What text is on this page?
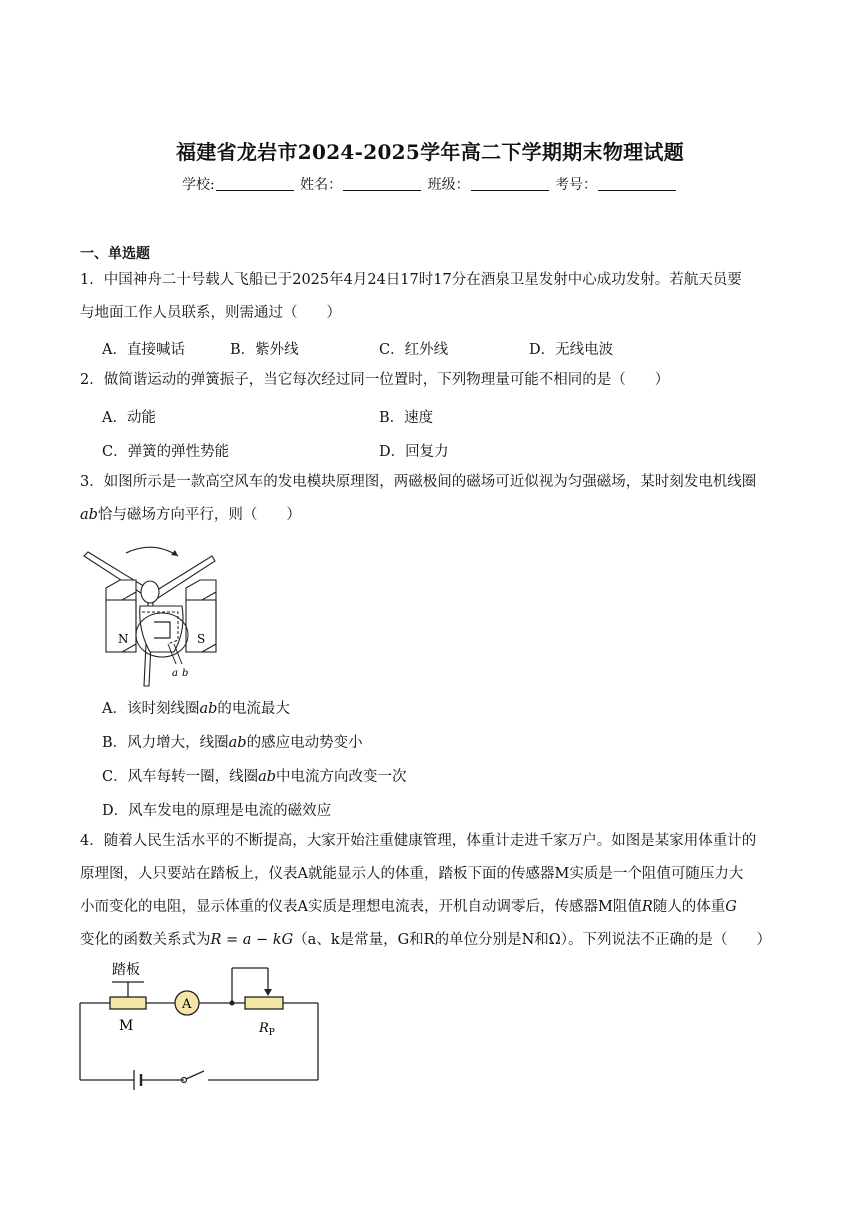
福建省龙岩市2024-2025学年高二下学期期末物理试题
学校:	姓名：	班级：	考号：
一、单选题
1．中国神舟二十号载人飞船已于2025年4月24日17时17分在酒泉卫星发射中心成功发射。若航天员要
与地面工作人员联系，则需通过（　　）
A．直接喊话	B．紫外线	C．红外线	D．无线电波
2．做简谐运动的弹簧振子，当它每次经过同一位置时，下列物理量可能不相同的是（　　）
A．动能	B．速度
C．弹簧的弹性势能	D．回复力
3．如图所示是一款高空风车的发电模块原理图，两磁极间的磁场可近似视为匀强磁场，某时刻发电机线圈
ab恰与磁场方向平行，则（　　）
N	S
a b
A．该时刻线圈ab的电流最大
B．风力增大，线圈ab的感应电动势变小
C．风车每转一圈，线圈ab中电流方向改变一次
D．风车发电的原理是电流的磁效应
4．随着人民生活水平的不断提高，大家开始注重健康管理，体重计走进千家万户。如图是某家用体重计的
原理图，人只要站在踏板上，仪表A就能显示人的体重，踏板下面的传感器M实质是一个阻值可随压力大
小而变化的电阻，显示体重的仪表A实质是理想电流表，开机自动调零后，传感器M阻值R随人的体重G
变化的函数关系式为R = a − kG（a、k是常量，G和R的单位分别是N和Ω）。下列说法不正确的是（　　）
踏板
M
A
$R_P$
